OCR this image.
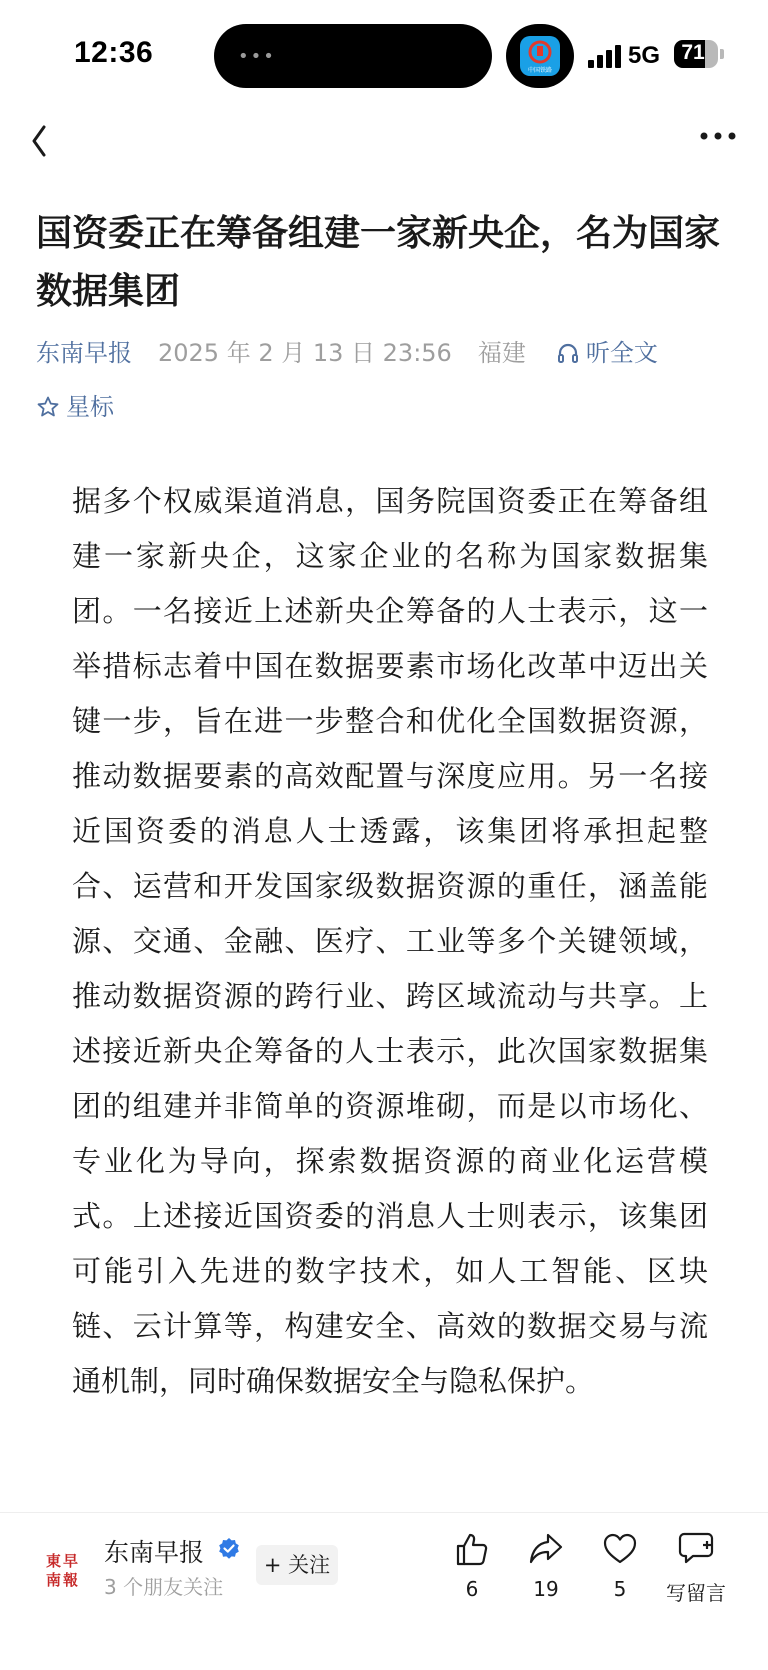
12:36	•••
中国铁路
5G	71
国资委正在筹备组建一家新央企，名为国家数据集团
东南早报 2025 年 2 月 13 日 23:56 福建	听全文
星标

据多个权威渠道消息，国务院国资委正在筹备组建一家新央企，这家企业的名称为国家数据集团。一名接近上述新央企筹备的人士表示，这一举措标志着中国在数据要素市场化改革中迈出关键一步，旨在进一步整合和优化全国数据资源，推动数据要素的高效配置与深度应用。另一名接近国资委的消息人士透露，该集团将承担起整合、运营和开发国家级数据资源的重任，涵盖能源、交通、金融、医疗、工业等多个关键领域，推动数据资源的跨行业、跨区域流动与共享。上述接近新央企筹备的人士表示，此次国家数据集团的组建并非简单的资源堆砌，而是以市场化、专业化为导向，探索数据资源的商业化运营模式。上述接近国资委的消息人士则表示，该集团可能引入先进的数字技术，如人工智能、区块链、云计算等，构建安全、高效的数据交易与流通机制，同时确保数据安全与隐私保护。

東 早
南 報
东南早报
3 个朋友关注
+ 关注
6	19	5	写留言
